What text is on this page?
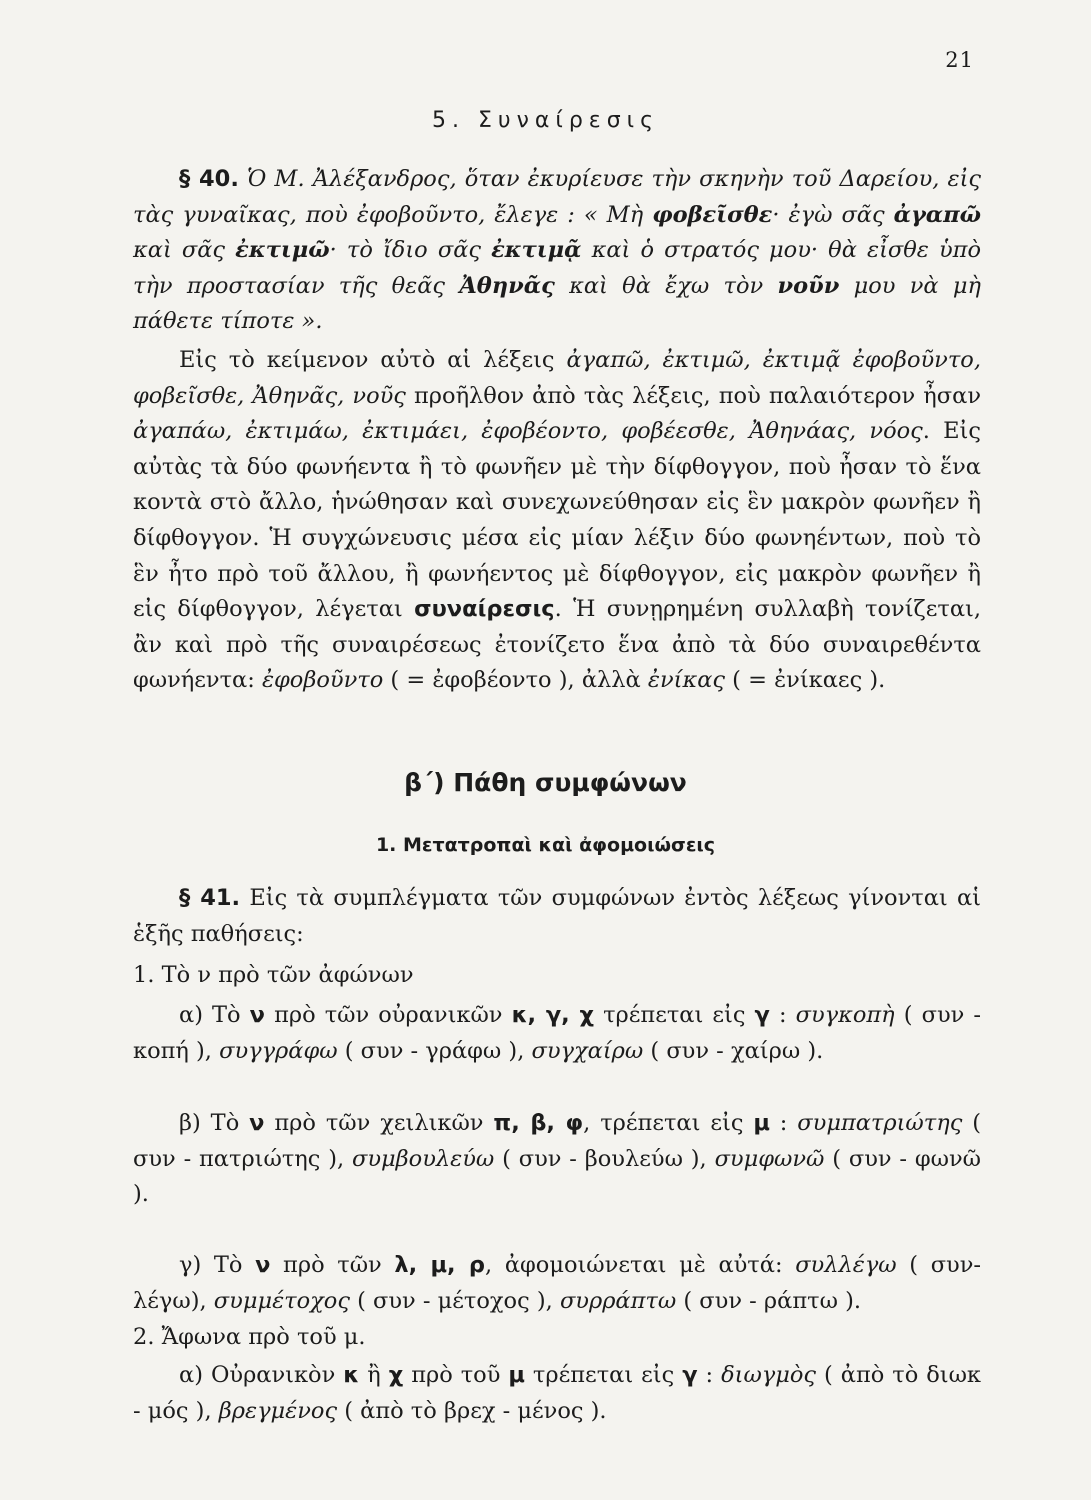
21
5. Συναίρεσις

§ 40. Ὁ Μ. Ἀλέξανδρος, ὅταν ἐκυρίευσε τὴν σκηνὴν τοῦ Δαρείου, εἰς τὰς γυναῖκας, ποὺ ἐφοβοῦντο, ἔλεγε : « Μὴ φοβεῖσθε· ἐγὼ σᾶς ἀγαπῶ καὶ σᾶς ἐκτιμῶ· τὸ ἴδιο σᾶς ἐκτιμᾷ καὶ ὁ στρατός μου· θὰ εἶσθε ὑπὸ τὴν προστασίαν τῆς θεᾶς Ἀθηνᾶς καὶ θὰ ἔχω τὸν νοῦν μου νὰ μὴ πάθετε τίποτε ».

Εἰς τὸ κείμενον αὐτὸ αἱ λέξεις ἀγαπῶ, ἐκτιμῶ, ἐκτιμᾷ ἐφοβοῦντο, φοβεῖσθε, Ἀθηνᾶς, νοῦς προῆλθον ἀπὸ τὰς λέξεις, ποὺ παλαιότερον ἦσαν ἀγαπάω, ἐκτιμάω, ἐκτιμάει, ἐφοβέοντο, φοβέεσθε, Ἀθηνάας, νόος. Εἰς αὐτὰς τὰ δύο φωνήεντα ἢ τὸ φωνῆεν μὲ τὴν δίφθογγον, ποὺ ἦσαν τὸ ἕνα κοντὰ στὸ ἄλλο, ἡνώθησαν καὶ συνεχωνεύθησαν εἰς ἓν μακρὸν φωνῆεν ἢ δίφθογγον. Ἡ συγχώνευσις μέσα εἰς μίαν λέξιν δύο φωνηέντων, ποὺ τὸ ἓν ἦτο πρὸ τοῦ ἄλλου, ἢ φωνήεντος μὲ δίφθογγον, εἰς μακρὸν φωνῆεν ἢ εἰς δίφθογγον, λέγεται συναίρεσις. Ἡ συνῃρημένη συλλαβὴ τονίζεται, ἂν καὶ πρὸ τῆς συναιρέσεως ἐτονίζετο ἕνα ἀπὸ τὰ δύο συναιρεθέντα φωνήεντα: ἐφοβοῦντο ( = ἐφοβέοντο ), ἀλλὰ ἐνίκας ( = ἐνίκαες ).

β΄) Πάθη συμφώνων
1. Μετατροπαὶ καὶ ἀφομοιώσεις

§ 41. Εἰς τὰ συμπλέγματα τῶν συμφώνων ἐντὸς λέξεως γίνονται αἱ ἑξῆς παθήσεις:

1. Τὸ ν πρὸ τῶν ἀφώνων

α) Τὸ ν πρὸ τῶν οὐρανικῶν κ, γ, χ τρέπεται εἰς γ : συγκοπὴ ( συν - κοπή ), συγγράφω ( συν - γράφω ), συγχαίρω ( συν - χαίρω ).

β) Τὸ ν πρὸ τῶν χειλικῶν π, β, φ, τρέπεται εἰς μ : συμπατριώτης ( συν - πατριώτης ), συμβουλεύω ( συν - βουλεύω ), συμφωνῶ ( συν - φωνῶ ).

γ) Τὸ ν πρὸ τῶν λ, μ, ρ, ἀφομοιώνεται μὲ αὐτά: συλλέγω ( συν-λέγω), συμμέτοχος ( συν - μέτοχος ), συρράπτω ( συν - ράπτω ).

2. Ἄφωνα πρὸ τοῦ μ.

α) Οὐρανικὸν κ ἢ χ πρὸ τοῦ μ τρέπεται εἰς γ : διωγμὸς ( ἀπὸ τὸ διωκ - μός ), βρεγμένος ( ἀπὸ τὸ βρεχ - μένος ).
